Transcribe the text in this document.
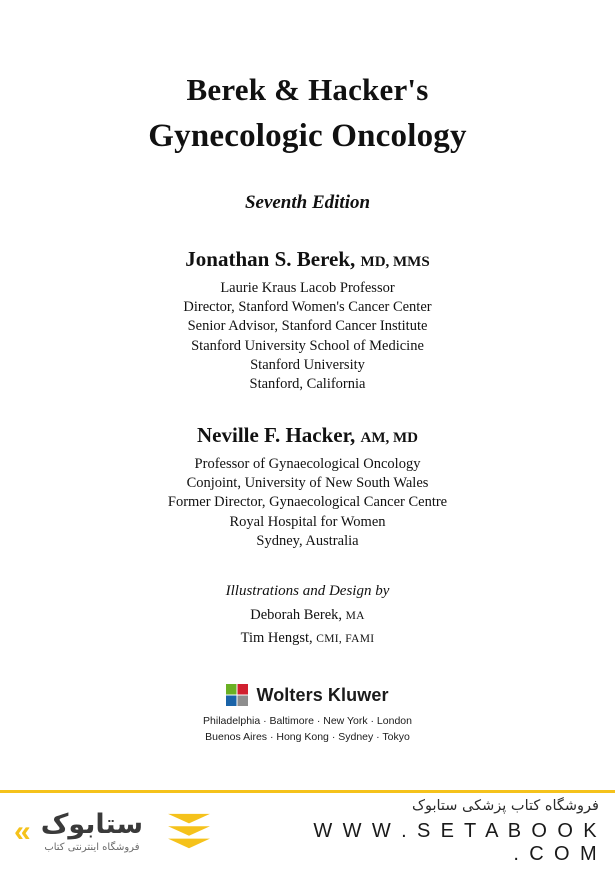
Berek & Hacker's
Gynecologic Oncology
Seventh Edition
Jonathan S. Berek, MD, MMS
Laurie Kraus Lacob Professor
Director, Stanford Women's Cancer Center
Senior Advisor, Stanford Cancer Institute
Stanford University School of Medicine
Stanford University
Stanford, California
Neville F. Hacker, AM, MD
Professor of Gynaecological Oncology
Conjoint, University of New South Wales
Former Director, Gynaecological Cancer Centre
Royal Hospital for Women
Sydney, Australia
Illustrations and Design by
Deborah Berek, MA
Tim Hengst, CMI, FAMI
Wolters Kluwer
Philadelphia · Baltimore · New York · London
Buenos Aires · Hong Kong · Sydney · Tokyo
« ستابوک
فروشگاه اینترنتی کتاب
فروشگاه کتاب پزشکی ستابوک
W W W . S E T A B O O K . C O M
